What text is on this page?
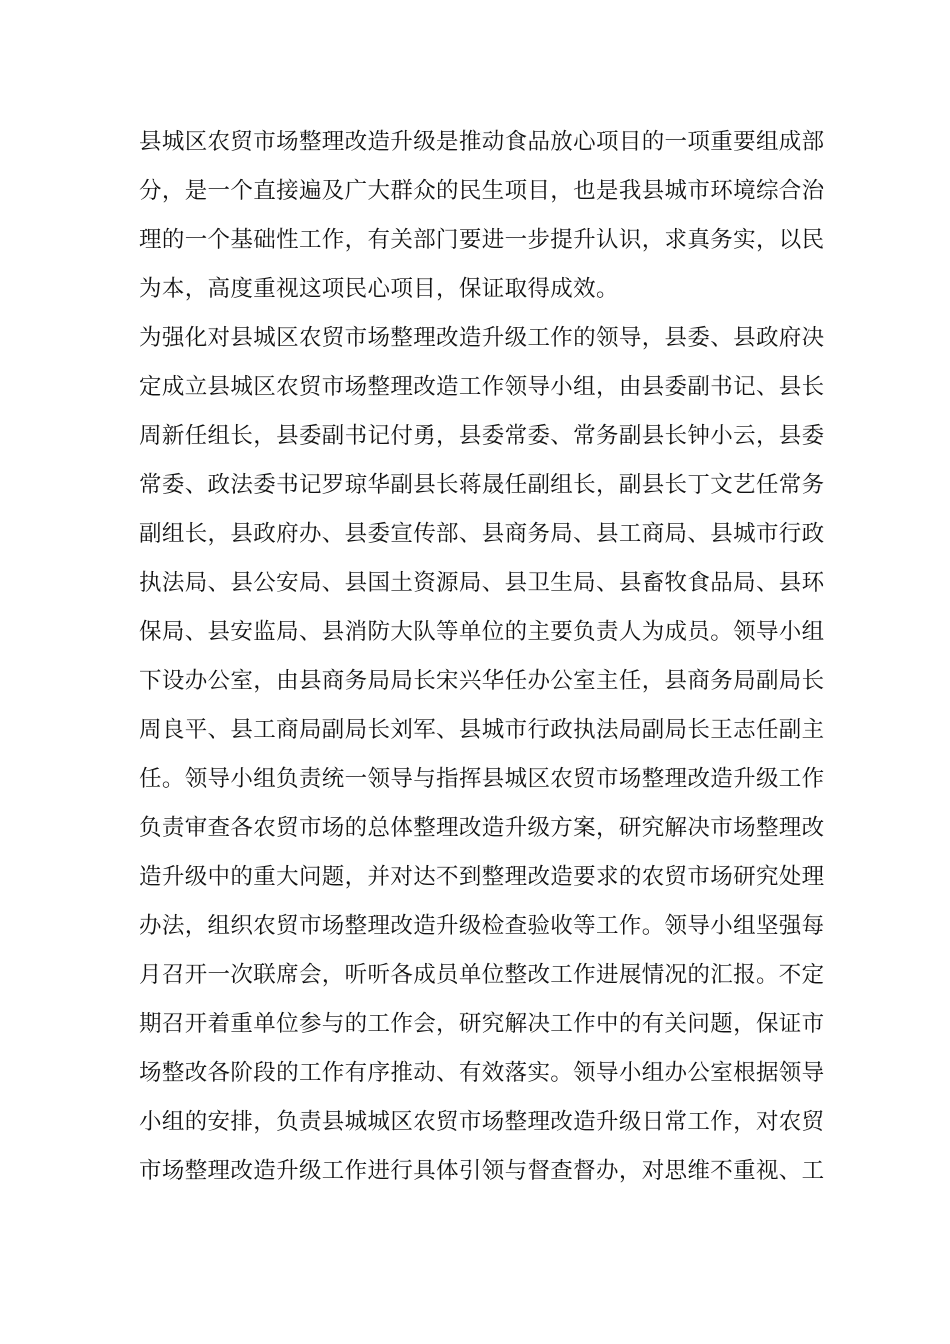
县城区农贸市场整理改造升级是推动食品放心项目的一项重要组成部
分，是一个直接遍及广大群众的民生项目，也是我县城市环境综合治
理的一个基础性工作，有关部门要进一步提升认识，求真务实，以民
为本，高度重视这项民心项目，保证取得成效。
为强化对县城区农贸市场整理改造升级工作的领导，县委、县政府决
定成立县城区农贸市场整理改造工作领导小组，由县委副书记、县长
周新任组长，县委副书记付勇，县委常委、常务副县长钟小云，县委
常委、政法委书记罗琼华副县长蒋晟任副组长，副县长丁文艺任常务
副组长，县政府办、县委宣传部、县商务局、县工商局、县城市行政
执法局、县公安局、县国土资源局、县卫生局、县畜牧食品局、县环
保局、县安监局、县消防大队等单位的主要负责人为成员。领导小组
下设办公室，由县商务局局长宋兴华任办公室主任，县商务局副局长
周良平、县工商局副局长刘军、县城市行政执法局副局长王志任副主
任。领导小组负责统一领导与指挥县城区农贸市场整理改造升级工作
负责审查各农贸市场的总体整理改造升级方案，研究解决市场整理改
造升级中的重大问题，并对达不到整理改造要求的农贸市场研究处理
办法，组织农贸市场整理改造升级检查验收等工作。领导小组坚强每
月召开一次联席会，听听各成员单位整改工作进展情况的汇报。不定
期召开着重单位参与的工作会，研究解决工作中的有关问题，保证市
场整改各阶段的工作有序推动、有效落实。领导小组办公室根据领导
小组的安排，负责县城城区农贸市场整理改造升级日常工作，对农贸
市场整理改造升级工作进行具体引领与督查督办，对思维不重视、工
